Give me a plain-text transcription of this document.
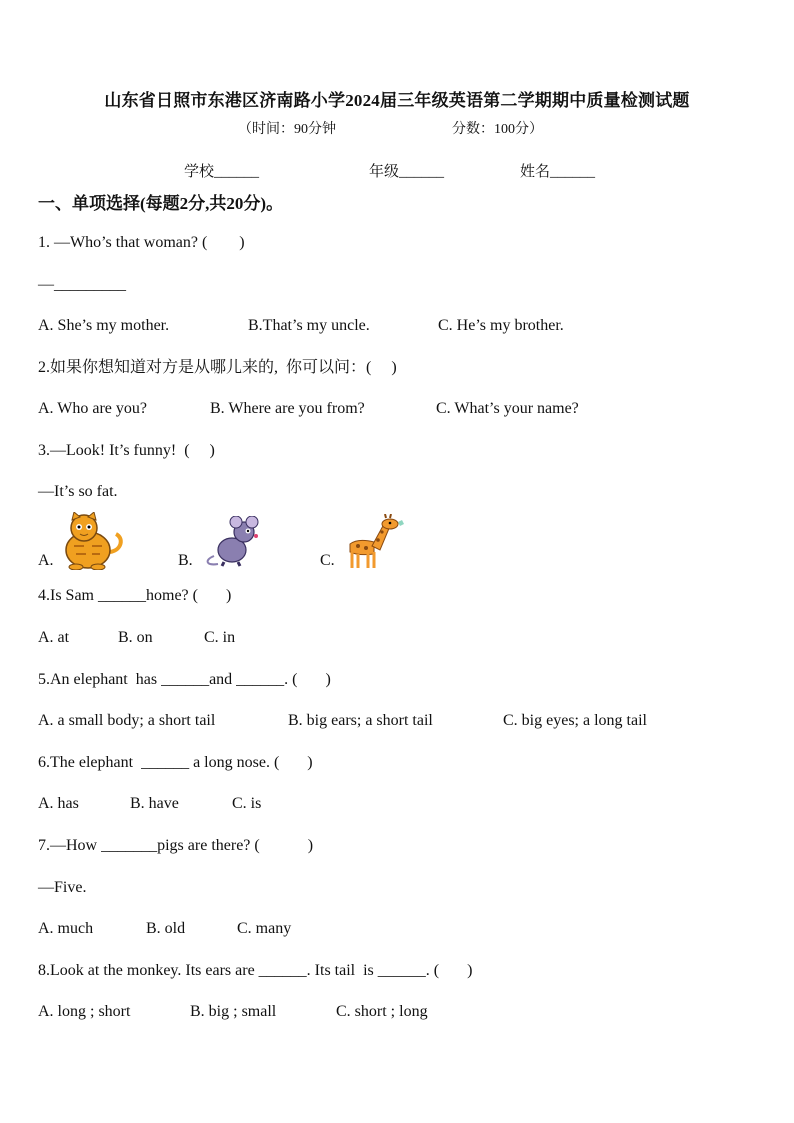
山东省日照市东港区济南路小学2024届三年级英语第二学期期中质量检测试题
（时间：90分钟	分数：100分）
学校______	年级______	姓名______
一、单项选择(每题2分,共20分)。
1. —Who’s that woman? (        )
—_________
A. She’s my mother.	B.That’s my uncle.	C. He’s my brother.
2.如果你想知道对方是从哪儿来的,  你可以问：(     )
A. Who are you?	B. Where are you from?	C. What’s your name?
3.—Look! It’s funny!  (     )
—It’s so fat.
A.	B.	C.
4.Is Sam ______home? (       )
A. at	B. on	C. in
5.An elephant  has ______and ______. (       )
A. a small body; a short tail	B. big ears; a short tail	C. big eyes; a long tail
6.The elephant  ______ a long nose. (       )
A. has	B. have	C. is
7.—How _______pigs are there? (            )
—Five.
A. much	B. old	C. many
8.Look at the monkey. Its ears are ______. Its tail  is ______. (       )
A. long ; short	B. big ; small	C. short ; long
